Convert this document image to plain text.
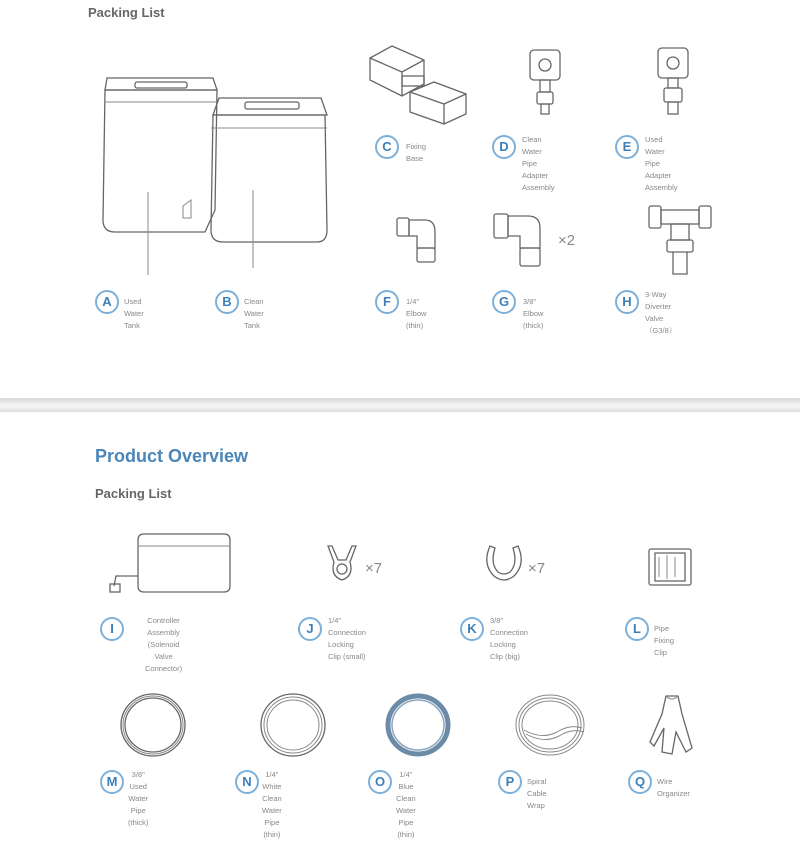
Packing List
A	Used Water Tank
B	Clean Water Tank
C	Fixing Base
D	Clean Water Pipe
Adapter Assembly
E	Used Water Pipe
Adapter Assembly
F	1/4" Elbow (thin)
×2
G	3/8" Elbow (thick)
H	3-Way Diverter
Valve（G3/8）
Product Overview
Packing List
I
Controller Assembly
(Solenoid Valve Connector)
×7
J
1/4" Connection
Locking Clip (small)
×7
K
3/8" Connection
Locking Clip (big)
L	Pipe Fixing Clip
M	3/8" Used
Water Pipe (thick)
N	1/4" White Clean
Water Pipe (thin)
O	1/4" Blue Clean
Water Pipe (thin)
P	Spiral Cable Wrap
Q	Wire Organizer
